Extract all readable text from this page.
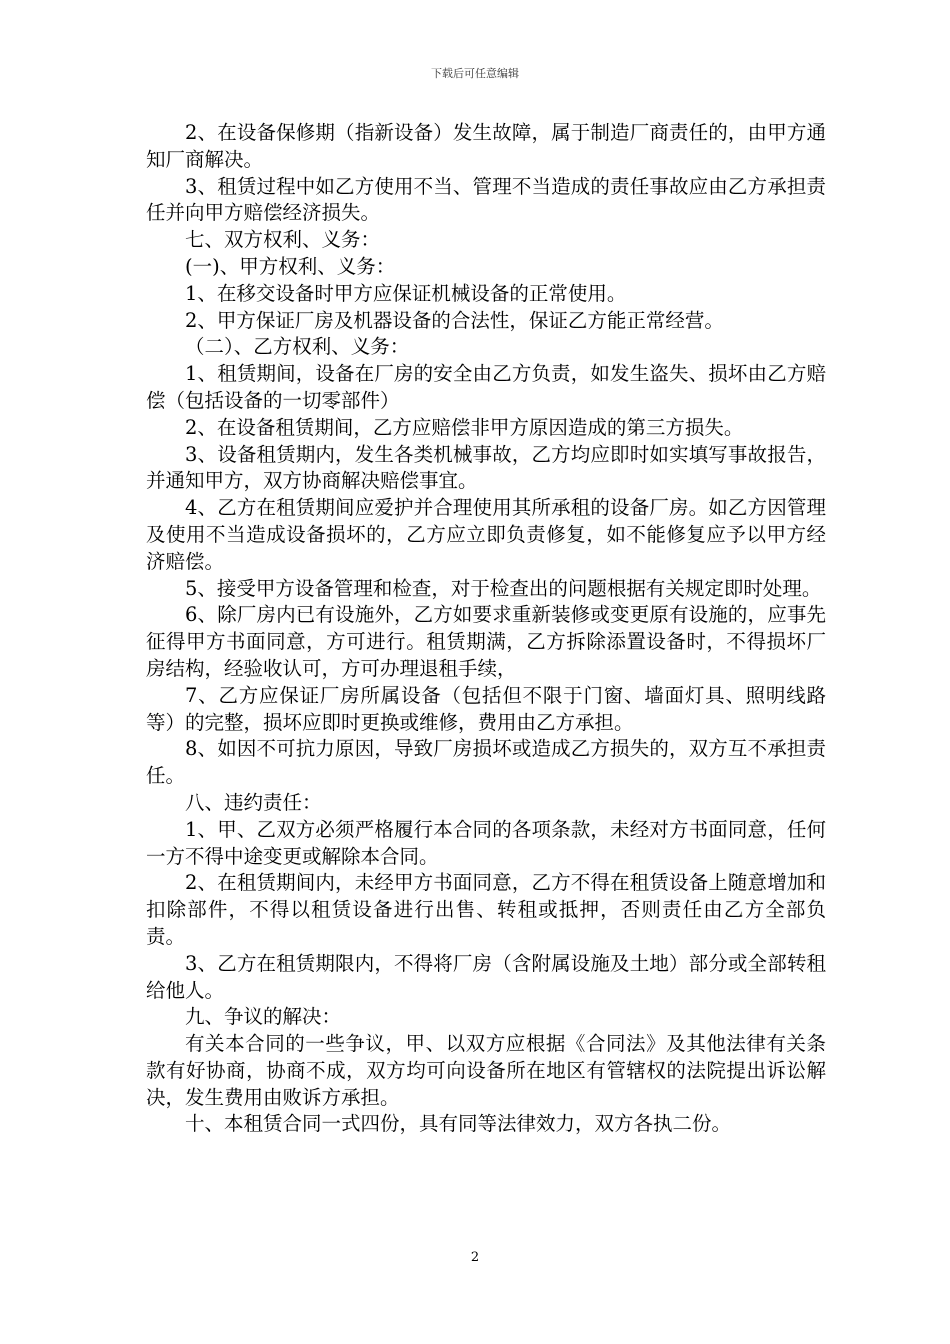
下载后可任意编辑

2、在设备保修期（指新设备）发生故障，属于制造厂商责任的，由甲方通知厂商解决。

3、租赁过程中如乙方使用不当、管理不当造成的责任事故应由乙方承担责任并向甲方赔偿经济损失。

七、双方权利、义务：

(一)、甲方权利、义务：

1、在移交设备时甲方应保证机械设备的正常使用。

2、甲方保证厂房及机器设备的合法性，保证乙方能正常经营。

（二）、乙方权利、义务：

1、租赁期间，设备在厂房的安全由乙方负责，如发生盗失、损坏由乙方赔偿（包括设备的一切零部件）

2、在设备租赁期间，乙方应赔偿非甲方原因造成的第三方损失。

3、设备租赁期内，发生各类机械事故，乙方均应即时如实填写事故报告，并通知甲方，双方协商解决赔偿事宜。

4、乙方在租赁期间应爱护并合理使用其所承租的设备厂房。如乙方因管理及使用不当造成设备损坏的，乙方应立即负责修复，如不能修复应予以甲方经济赔偿。

5、接受甲方设备管理和检查，对于检查出的问题根据有关规定即时处理。

6、除厂房内已有设施外，乙方如要求重新装修或变更原有设施的，应事先征得甲方书面同意，方可进行。租赁期满，乙方拆除添置设备时，不得损坏厂房结构，经验收认可，方可办理退租手续，

7、乙方应保证厂房所属设备（包括但不限于门窗、墙面灯具、照明线路等）的完整，损坏应即时更换或维修，费用由乙方承担。

8、如因不可抗力原因，导致厂房损坏或造成乙方损失的，双方互不承担责任。

八、违约责任：

1、甲、乙双方必须严格履行本合同的各项条款，未经对方书面同意，任何一方不得中途变更或解除本合同。

2、在租赁期间内，未经甲方书面同意，乙方不得在租赁设备上随意增加和扣除部件，不得以租赁设备进行出售、转租或抵押，否则责任由乙方全部负责。

3、乙方在租赁期限内，不得将厂房（含附属设施及土地）部分或全部转租给他人。

九、争议的解决：

有关本合同的一些争议，甲、以双方应根据《合同法》及其他法律有关条款有好协商，协商不成，双方均可向设备所在地区有管辖权的法院提出诉讼解决，发生费用由败诉方承担。

十、本租赁合同一式四份，具有同等法律效力，双方各执二份。

2
